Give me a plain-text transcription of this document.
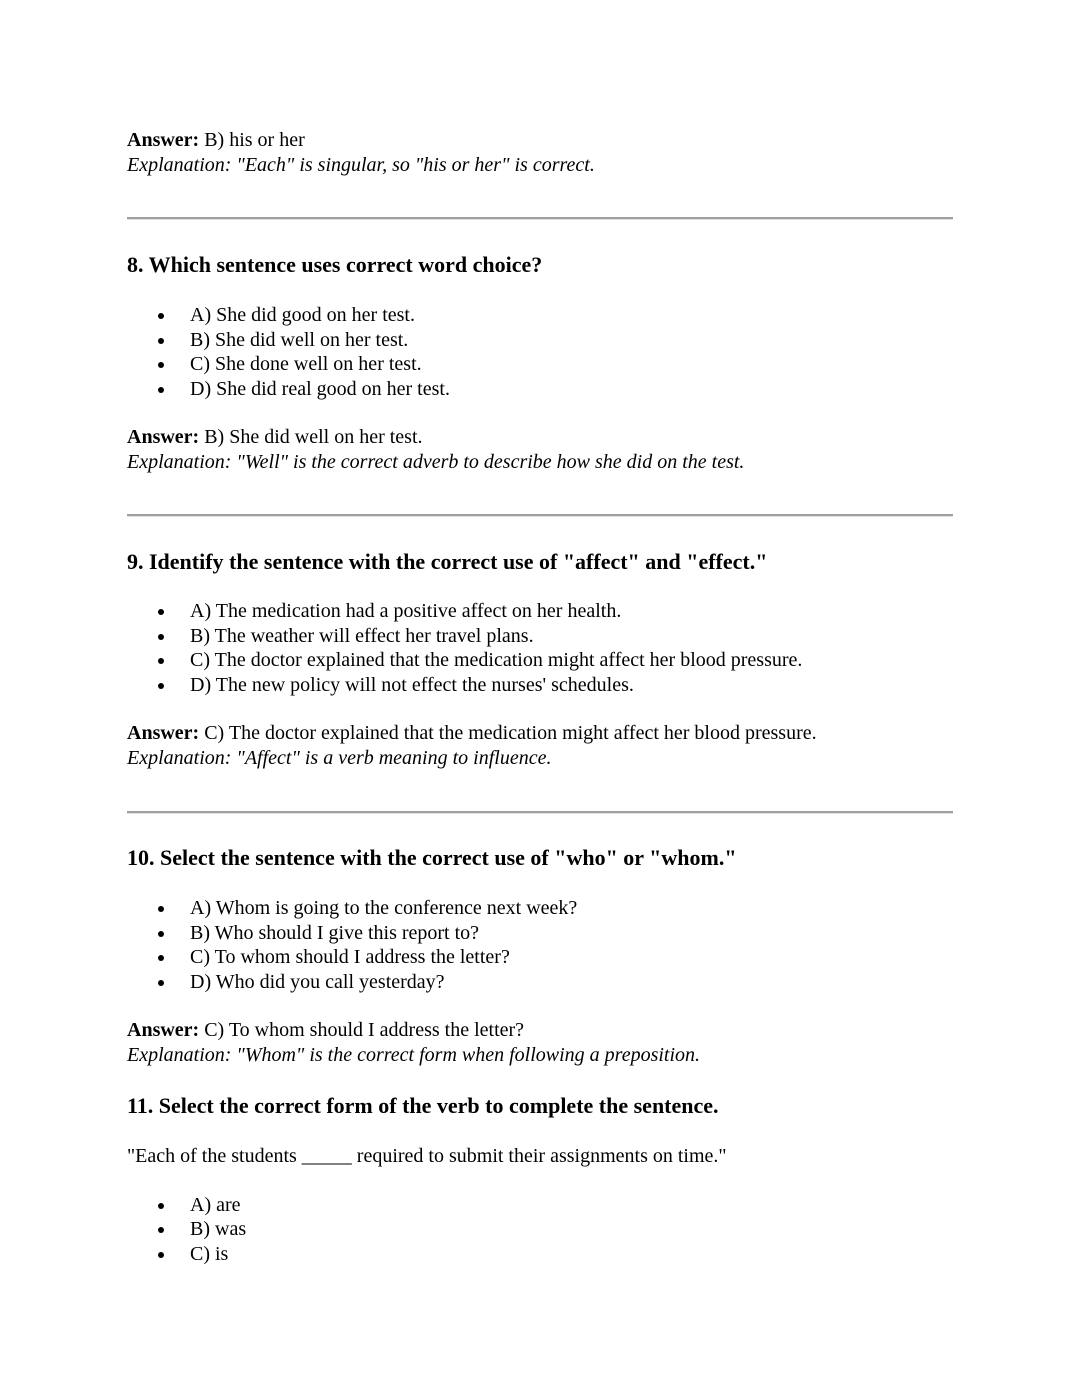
Answer: B) his or her
Explanation: "Each" is singular, so "his or her" is correct.
8. Which sentence uses correct word choice?
A) She did good on her test.
B) She did well on her test.
C) She done well on her test.
D) She did real good on her test.
Answer: B) She did well on her test.
Explanation: "Well" is the correct adverb to describe how she did on the test.
9. Identify the sentence with the correct use of "affect" and "effect."
A) The medication had a positive affect on her health.
B) The weather will effect her travel plans.
C) The doctor explained that the medication might affect her blood pressure.
D) The new policy will not effect the nurses' schedules.
Answer: C) The doctor explained that the medication might affect her blood pressure.
Explanation: "Affect" is a verb meaning to influence.
10. Select the sentence with the correct use of "who" or "whom."
A) Whom is going to the conference next week?
B) Who should I give this report to?
C) To whom should I address the letter?
D) Who did you call yesterday?
Answer: C) To whom should I address the letter?
Explanation: "Whom" is the correct form when following a preposition.
11. Select the correct form of the verb to complete the sentence.
"Each of the students _____ required to submit their assignments on time."
A) are
B) was
C) is
